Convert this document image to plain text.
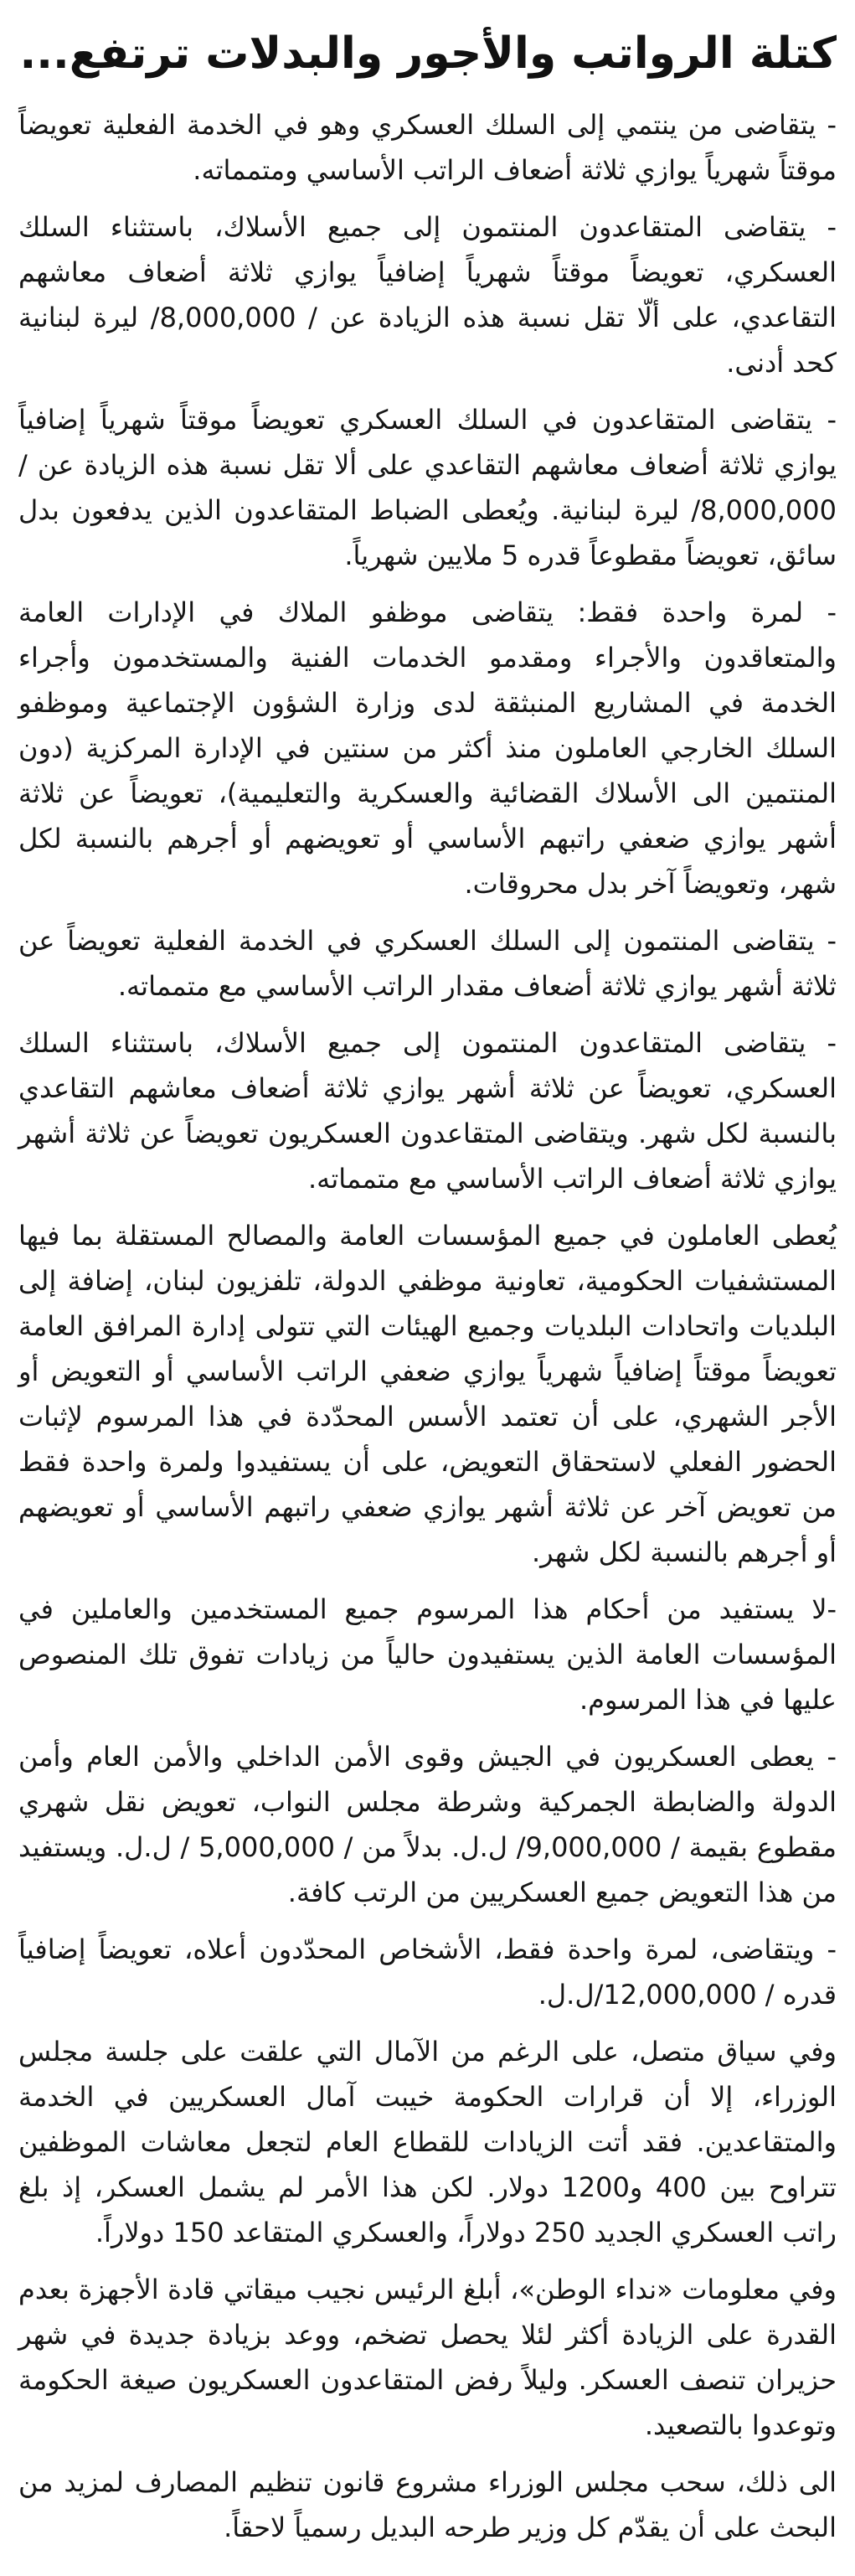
كتلة الرواتب والأجور والبدلات ترتفع...

- يتقاضى من ينتمي إلى السلك العسكري وهو في الخدمة الفعلية تعويضاً موقتاً شهرياً يوازي ثلاثة أضعاف الراتب الأساسي ومتمماته.

- يتقاضى المتقاعدون المنتمون إلى جميع الأسلاك، باستثناء السلك العسكري، تعويضاً موقتاً شهرياً إضافياً يوازي ثلاثة أضعاف معاشهم التقاعدي، على ألّا تقل نسبة هذه الزيادة عن / 8,000,000/ ليرة لبنانية كحد أدنى.

- يتقاضى المتقاعدون في السلك العسكري تعويضاً موقتاً شهرياً إضافياً يوازي ثلاثة أضعاف معاشهم التقاعدي على ألا تقل نسبة هذه الزيادة عن / 8,000,000/ ليرة لبنانية. ويُعطى الضباط المتقاعدون الذين يدفعون بدل سائق، تعويضاً مقطوعاً قدره 5 ملايين شهرياً.

- لمرة واحدة فقط: يتقاضى موظفو الملاك في الإدارات العامة والمتعاقدون والأجراء ومقدمو الخدمات الفنية والمستخدمون وأجراء الخدمة في المشاريع المنبثقة لدى وزارة الشؤون الإجتماعية وموظفو السلك الخارجي العاملون منذ أكثر من سنتين في الإدارة المركزية (دون المنتمين الى الأسلاك القضائية والعسكرية والتعليمية)، تعويضاً عن ثلاثة أشهر يوازي ضعفي راتبهم الأساسي أو تعويضهم أو أجرهم بالنسبة لكل شهر، وتعويضاً آخر بدل محروقات.

- يتقاضى المنتمون إلى السلك العسكري في الخدمة الفعلية تعويضاً عن ثلاثة أشهر يوازي ثلاثة أضعاف مقدار الراتب الأساسي مع متمماته.

- يتقاضى المتقاعدون المنتمون إلى جميع الأسلاك، باستثناء السلك العسكري، تعويضاً عن ثلاثة أشهر يوازي ثلاثة أضعاف معاشهم التقاعدي بالنسبة لكل شهر. ويتقاضى المتقاعدون العسكريون تعويضاً عن ثلاثة أشهر يوازي ثلاثة أضعاف الراتب الأساسي مع متمماته.

يُعطى العاملون في جميع المؤسسات العامة والمصالح المستقلة بما فيها المستشفيات الحكومية، تعاونية موظفي الدولة، تلفزيون لبنان، إضافة إلى البلديات واتحادات البلديات وجميع الهيئات التي تتولى إدارة المرافق العامة تعويضاً موقتاً إضافياً شهرياً يوازي ضعفي الراتب الأساسي أو التعويض أو الأجر الشهري، على أن تعتمد الأسس المحدّدة في هذا المرسوم لإثبات الحضور الفعلي لاستحقاق التعويض، على أن يستفيدوا ولمرة واحدة فقط من تعويض آخر عن ثلاثة أشهر يوازي ضعفي راتبهم الأساسي أو تعويضهم أو أجرهم بالنسبة لكل شهر.

-لا يستفيد من أحكام هذا المرسوم جميع المستخدمين والعاملين في المؤسسات العامة الذين يستفيدون حالياً من زيادات تفوق تلك المنصوص عليها في هذا المرسوم.

- يعطى العسكريون في الجيش وقوى الأمن الداخلي والأمن العام وأمن الدولة والضابطة الجمركية وشرطة مجلس النواب، تعويض نقل شهري مقطوع بقيمة / 9,000,000/ ل.ل. بدلاً من / 5,000,000 / ل.ل. ويستفيد من هذا التعويض جميع العسكريين من الرتب كافة.

- ويتقاضى، لمرة واحدة فقط، الأشخاص المحدّدون أعلاه، تعويضاً إضافياً قدره / 12,000,000/ل.ل.

وفي سياق متصل، على الرغم من الآمال التي علقت على جلسة مجلس الوزراء، إلا أن قرارات الحكومة خيبت آمال العسكريين في الخدمة والمتقاعدين. فقد أتت الزيادات للقطاع العام لتجعل معاشات الموظفين تتراوح بين 400 و1200 دولار. لكن هذا الأمر لم يشمل العسكر، إذ بلغ راتب العسكري الجديد 250 دولاراً، والعسكري المتقاعد 150 دولاراً.

وفي معلومات «نداء الوطن»، أبلغ الرئيس نجيب ميقاتي قادة الأجهزة بعدم القدرة على الزيادة أكثر لئلا يحصل تضخم، ووعد بزيادة جديدة في شهر حزيران تنصف العسكر. وليلاً رفض المتقاعدون العسكريون صيغة الحكومة وتوعدوا بالتصعيد.

الى ذلك، سحب مجلس الوزراء مشروع قانون تنظيم المصارف لمزيد من البحث على أن يقدّم كل وزير طرحه البديل رسمياً لاحقاً.
